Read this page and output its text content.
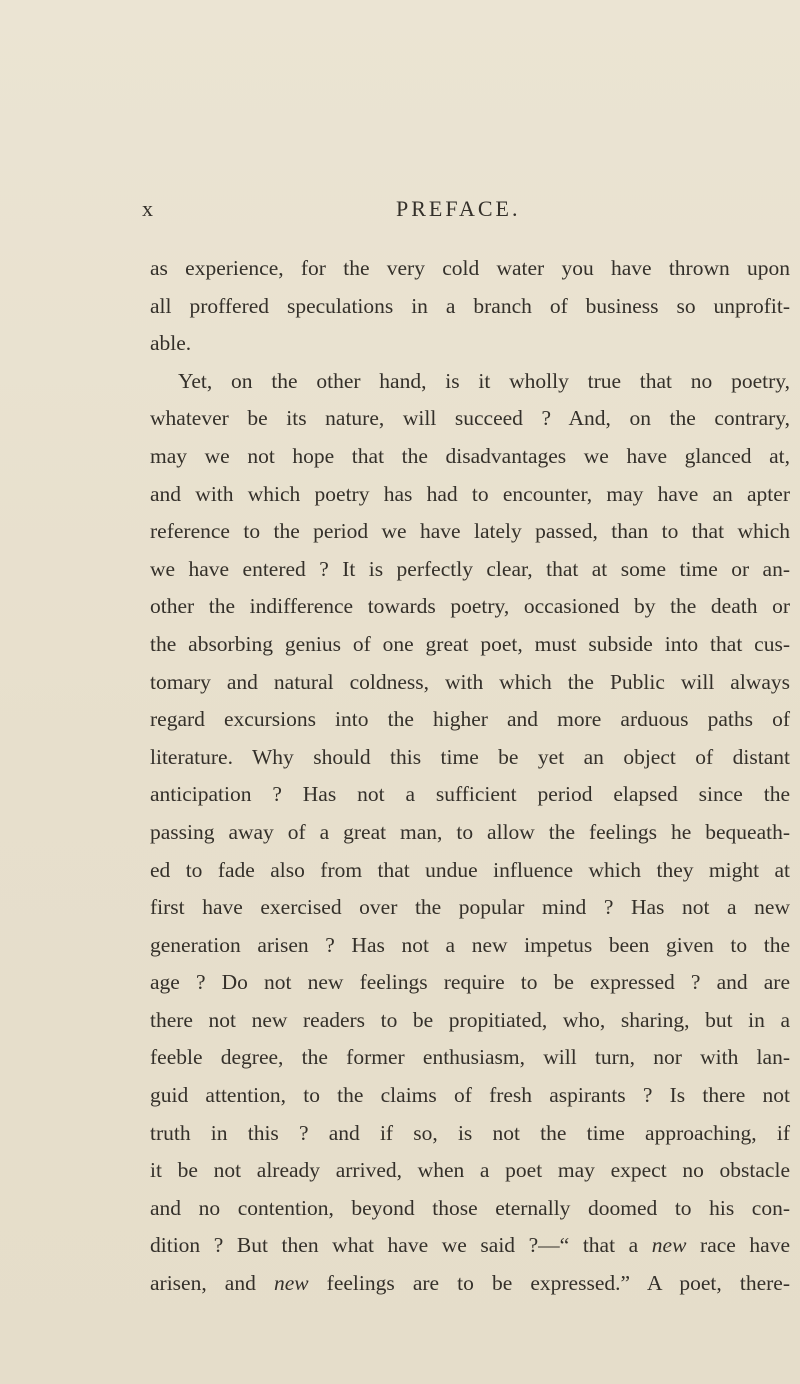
x	PREFACE.
as experience, for the very cold water you have thrown upon
all proffered speculations in a branch of business so unprofit-
able.
Yet, on the other hand, is it wholly true that no poetry,
whatever be its nature, will succeed ? And, on the contrary,
may we not hope that the disadvantages we have glanced at,
and with which poetry has had to encounter, may have an apter
reference to the period we have lately passed, than to that which
we have entered ? It is perfectly clear, that at some time or an-
other the indifference towards poetry, occasioned by the death or
the absorbing genius of one great poet, must subside into that cus-
tomary and natural coldness, with which the Public will always
regard excursions into the higher and more arduous paths of
literature. Why should this time be yet an object of distant
anticipation ? Has not a sufficient period elapsed since the
passing away of a great man, to allow the feelings he bequeath-
ed to fade also from that undue influence which they might at
first have exercised over the popular mind ? Has not a new
generation arisen ? Has not a new impetus been given to the
age ? Do not new feelings require to be expressed ? and are
there not new readers to be propitiated, who, sharing, but in a
feeble degree, the former enthusiasm, will turn, nor with lan-
guid attention, to the claims of fresh aspirants ? Is there not
truth in this ? and if so, is not the time approaching, if
it be not already arrived, when a poet may expect no obstacle
and no contention, beyond those eternally doomed to his con-
dition ? But then what have we said ?—“ that a new race have
arisen, and new feelings are to be expressed.” A poet, there-
